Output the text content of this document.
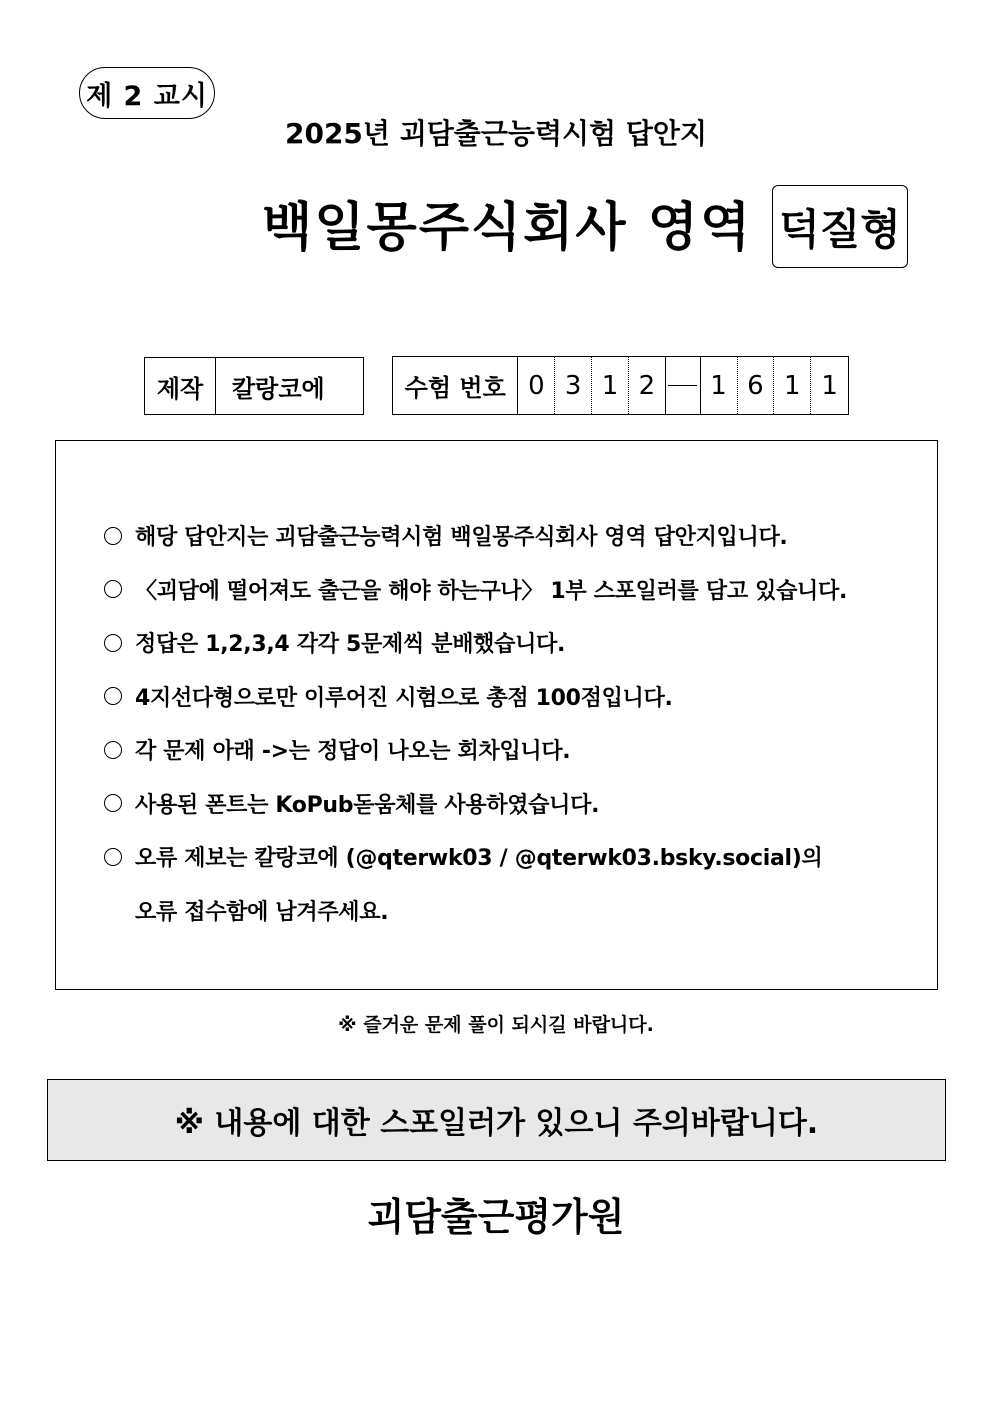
제 2 교시
2025년 괴담출근능력시험 답안지
백일몽주식회사 영역 덕질형
제작	칼랑코에	수험 번호 0 3 1 2	1 6 1 1
해당 답안지는 괴담출근능력시험 백일몽주식회사 영역 답안지입니다.
〈괴담에 떨어져도 출근을 해야 하는구나〉 1부 스포일러를 담고 있습니다.
정답은 1,2,3,4 각각 5문제씩 분배했습니다.
4지선다형으로만 이루어진 시험으로 총점 100점입니다.
각 문제 아래 ->는 정답이 나오는 회차입니다.
사용된 폰트는 KoPub돋움체를 사용하였습니다.
오류 제보는 칼랑코에 (@qterwk03 / @qterwk03.bsky.social)의
오류 접수함에 남겨주세요.
※ 즐거운 문제 풀이 되시길 바랍니다.
※ 내용에 대한 스포일러가 있으니 주의바랍니다.
괴담출근평가원
